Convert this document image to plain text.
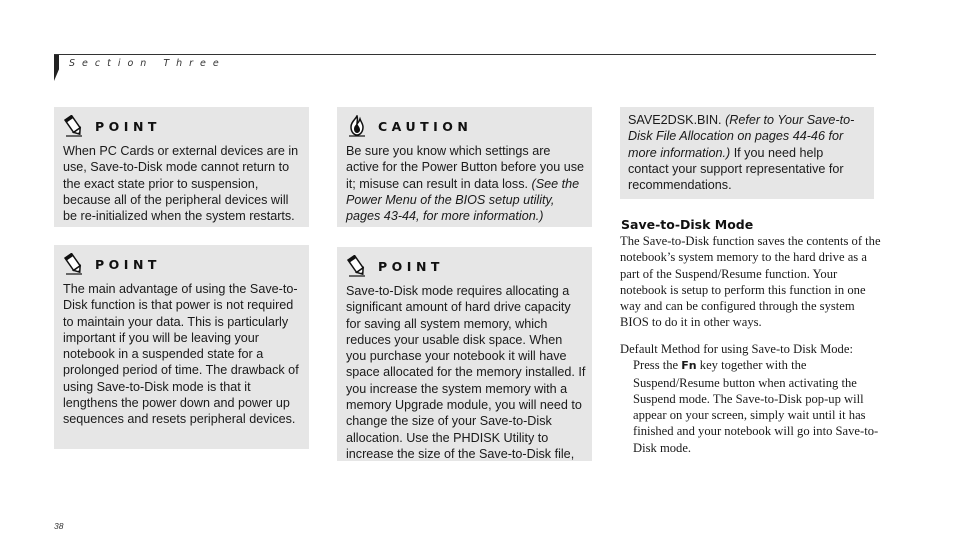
Section Three
POINT
When PC Cards or external devices are in use, Save-to-Disk mode cannot return to the exact state prior to suspension, because all of the peripheral devices will be re-initialized when the system restarts.
POINT
The main advantage of using the Save-to-Disk function is that power is not required to maintain your data. This is particularly important if you will be leaving your notebook in a suspended state for a prolonged period of time. The drawback of using Save-to-Disk mode is that it lengthens the power down and power up sequences and resets peripheral devices.
CAUTION
Be sure you know which settings are active for the Power Button before you use it; misuse can result in data loss. (See the Power Menu of the BIOS setup utility, pages 43-44, for more information.)
POINT
Save-to-Disk mode requires allocating a significant amount of hard drive capacity for saving all system memory, which reduces your usable disk space. When you purchase your notebook it will have space allocated for the memory installed. If you increase the system memory with a memory Upgrade module, you will need to change the size of your Save-to-Disk allocation. Use the PHDISK Utility to increase the size of the Save-to-Disk file,
SAVE2DSK.BIN. (Refer to Your Save-to-Disk File Allocation on pages 44-46 for more information.) If you need help contact your support representative for recommendations.
Save-to-Disk Mode
The Save-to-Disk function saves the contents of the notebook’s system memory to the hard drive as a part of the Suspend/Resume function. Your notebook is setup to perform this function in one way and can be configured through the system BIOS to do it in other ways.
Default Method for using Save-to Disk Mode:
Press the Fn key together with the Suspend/Resume button when activating the Suspend mode. The Save-to-Disk pop-up will appear on your screen, simply wait until it has finished and your notebook will go into Save-to-Disk mode.
38
